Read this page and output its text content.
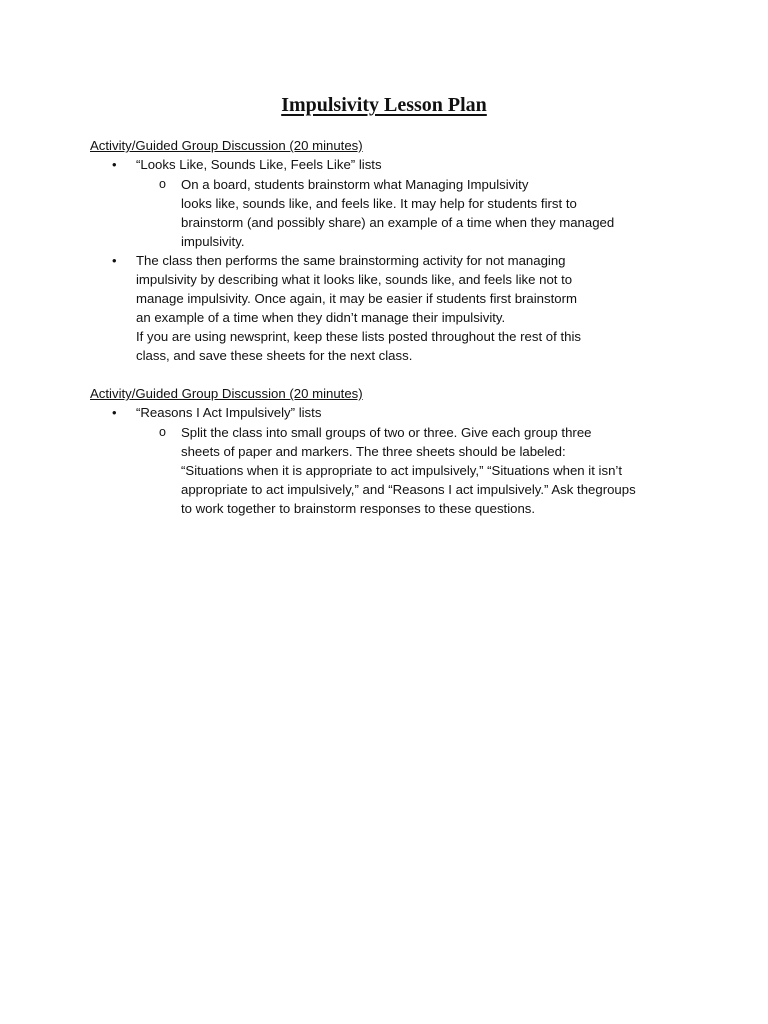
Impulsivity Lesson Plan
Activity/Guided Group Discussion (20 minutes)
• “Looks Like, Sounds Like, Feels Like” lists
o On a board, students brainstorm what Managing Impulsivity
looks like, sounds like, and feels like. It may help for students first to
brainstorm (and possibly share) an example of a time when they managed
impulsivity.
• The class then performs the same brainstorming activity for not managing
impulsivity by describing what it looks like, sounds like, and feels like not to
manage impulsivity. Once again, it may be easier if students first brainstorm
an example of a time when they didn’t manage their impulsivity.
If you are using newsprint, keep these lists posted throughout the rest of this
class, and save these sheets for the next class.
Activity/Guided Group Discussion (20 minutes)
• “Reasons I Act Impulsively” lists
o Split the class into small groups of two or three. Give each group three
sheets of paper and markers. The three sheets should be labeled:
“Situations when it is appropriate to act impulsively,” “Situations when it isn’t
appropriate to act impulsively,” and “Reasons I act impulsively.” Ask thegroups
to work together to brainstorm responses to these questions.
